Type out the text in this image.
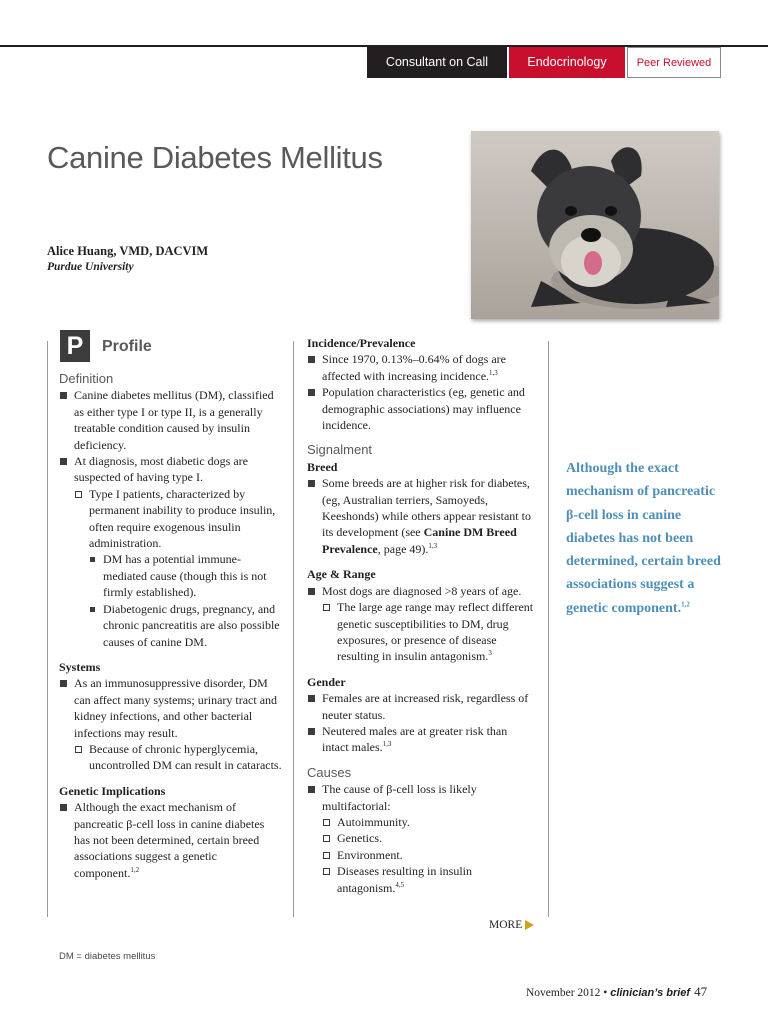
Consultant on Call	Endocrinology	Peer Reviewed
Canine Diabetes Mellitus
Alice Huang, VMD, DACVIM
Purdue University
P	Profile
Definition
Canine diabetes mellitus (DM), classified as either type I or type II, is a generally treatable condition caused by insulin deficiency.
At diagnosis, most diabetic dogs are suspected of having type I.
Type I patients, characterized by permanent inability to produce insulin, often require exogenous insulin administration.
DM has a potential immune-mediated cause (though this is not firmly established).
Diabetogenic drugs, pregnancy, and chronic pancreatitis are also possible causes of canine DM.
Systems
As an immunosuppressive disorder, DM can affect many systems; urinary tract and kidney infections, and other bacterial infections may result.
Because of chronic hyperglycemia, uncontrolled DM can result in cataracts.
Genetic Implications
Although the exact mechanism of pancreatic β-cell loss in canine diabetes has not been determined, certain breed associations suggest a genetic component.$^{1,2}$
Incidence/Prevalence
Since 1970, 0.13%–0.64% of dogs are affected with increasing incidence.$^{1,3}$
Population characteristics (eg, genetic and demographic associations) may influence incidence.
Signalment
Breed
Some breeds are at higher risk for diabetes, (eg, Australian terriers, Samoyeds, Keeshonds) while others appear resistant to its development (see Canine DM Breed Prevalence, page 49).$^{1,3}$
Age & Range
Most dogs are diagnosed >8 years of age.
The large age range may reflect different genetic susceptibilities to DM, drug exposures, or presence of disease resulting in insulin antagonism.$^3$
Gender
Females are at increased risk, regardless of neuter status.
Neutered males are at greater risk than intact males.$^{1,3}$
Causes
The cause of β-cell loss is likely multifactorial:
Autoimmunity.
Genetics.
Environment.
Diseases resulting in insulin antagonism.$^{4,5}$
Although the exact mechanism of pancreatic β-cell loss in canine diabetes has not been determined, certain breed associations suggest a genetic component.$^{1,2}$
MORE
DM = diabetes mellitus
November 2012 • clinician’s brief 47
